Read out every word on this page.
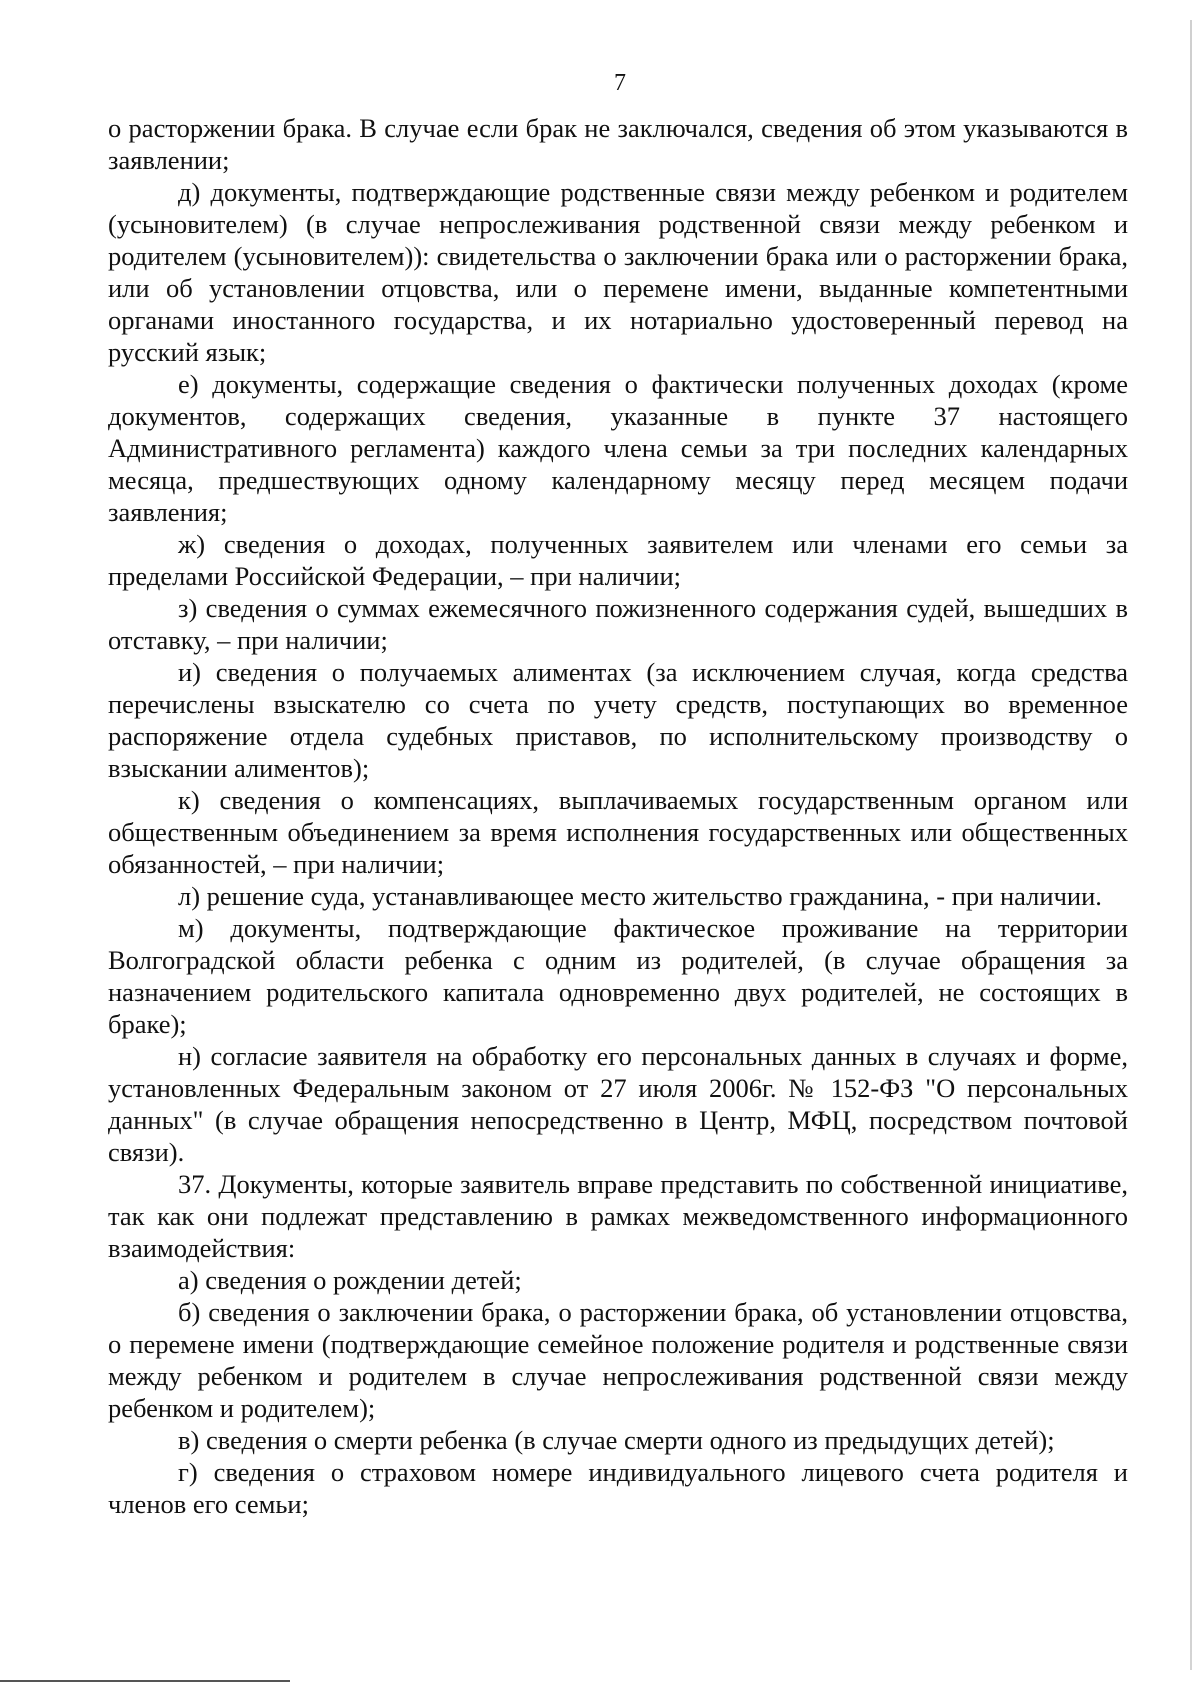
7

о расторжении брака. В случае если брак не заключался, сведения об этом указываются в заявлении;

д) документы, подтверждающие родственные связи между ребенком и родителем (усыновителем) (в случае непрослеживания родственной связи между ребенком и родителем (усыновителем)): свидетельства о заключении брака или о расторжении брака, или об установлении отцовства, или о перемене имени, выданные компетентными органами иностанного государства, и их нотариально удостоверенный перевод на русский язык;

е) документы, содержащие сведения о фактически полученных доходах (кроме документов, содержащих сведения, указанные в пункте 37 настоящего Административного регламента) каждого члена семьи за три последних календарных месяца, предшествующих одному календарному месяцу перед месяцем подачи заявления;

ж) сведения о доходах, полученных заявителем или членами его семьи за пределами Российской Федерации, – при наличии;

з) сведения о суммах ежемесячного пожизненного содержания судей, вышедших в отставку, – при наличии;

и) сведения о получаемых алиментах (за исключением случая, когда средства перечислены взыскателю со счета по учету средств, поступающих во временное распоряжение отдела судебных приставов, по исполнительскому производству о взыскании алиментов);

к) сведения о компенсациях, выплачиваемых государственным органом или общественным объединением за время исполнения государственных или общественных обязанностей, – при наличии;

л) решение суда, устанавливающее место жительство гражданина, - при наличии.

м) документы, подтверждающие фактическое проживание на территории Волгоградской области ребенка с одним из родителей, (в случае обращения за назначением родительского капитала одновременно двух родителей, не состоящих в браке);

н) согласие заявителя на обработку его персональных данных в случаях и форме, установленных Федеральным законом от 27 июля 2006г. № 152-ФЗ "О персональных данных" (в случае обращения непосредственно в Центр, МФЦ, посредством почтовой связи).

37. Документы, которые заявитель вправе представить по собственной инициативе, так как они подлежат представлению в рамках межведомственного информационного взаимодействия:

а) сведения о рождении детей;

б) сведения о заключении брака, о расторжении брака, об установлении отцовства, о перемене имени (подтверждающие семейное положение родителя и родственные связи между ребенком и родителем в случае непрослеживания родственной связи между ребенком и родителем);

в) сведения о смерти ребенка (в случае смерти одного из предыдущих детей);

г) сведения о страховом номере индивидуального лицевого счета родителя и членов его семьи;
